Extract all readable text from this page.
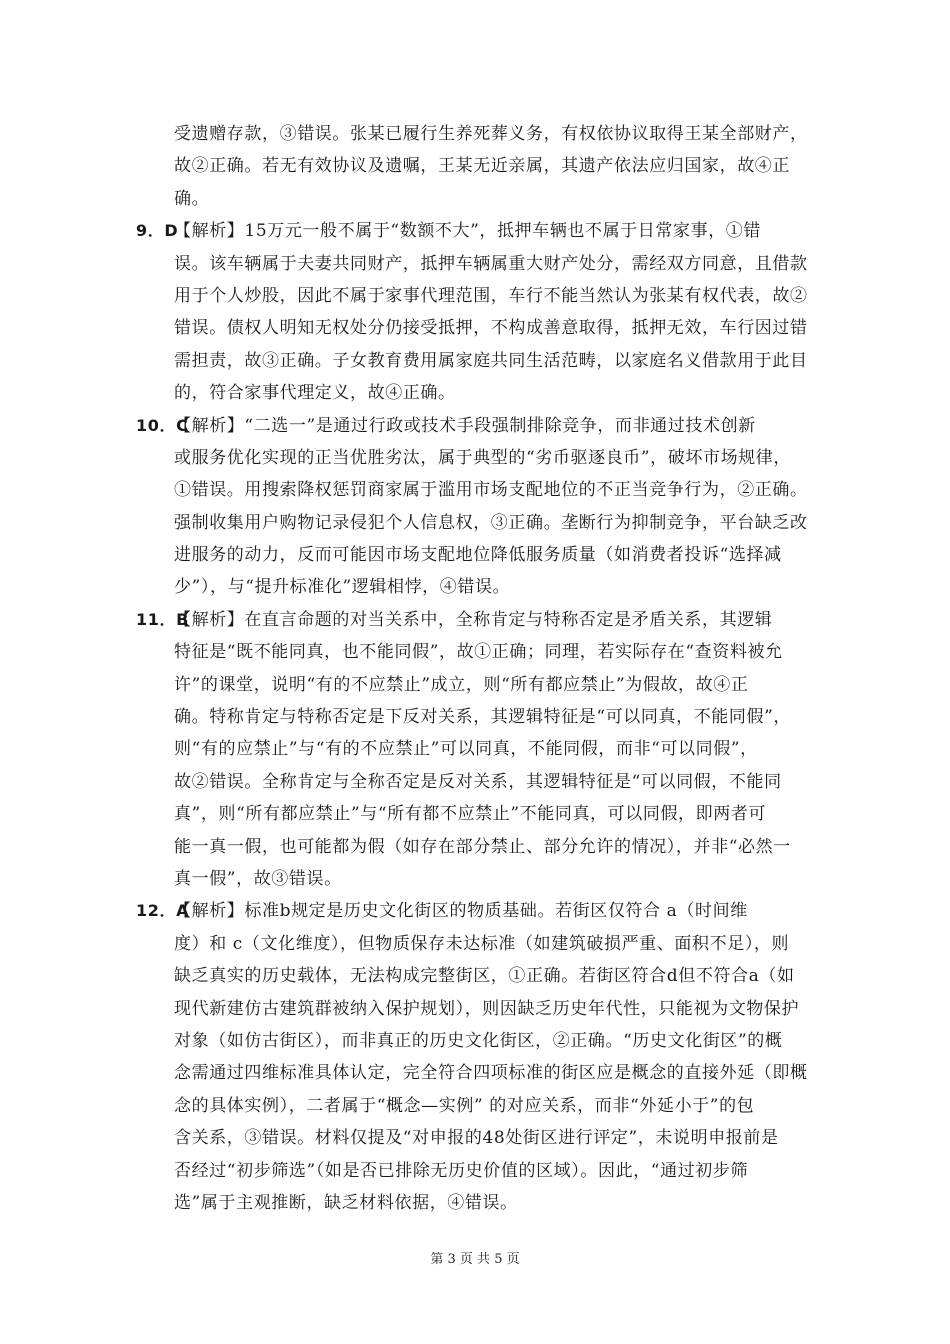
受遗赠存款，③错误。张某已履行生养死葬义务，有权依协议取得王某全部财产，
故②正确。若无有效协议及遗嘱，王某无近亲属，其遗产依法应归国家，故④正
确。
9．D【解析】15万元一般不属于“数额不大”，抵押车辆也不属于日常家事，①错
误。该车辆属于夫妻共同财产，抵押车辆属重大财产处分，需经双方同意，且借款
用于个人炒股，因此不属于家事代理范围，车行不能当然认为张某有权代表，故②
错误。债权人明知无权处分仍接受抵押，不构成善意取得，抵押无效，车行因过错
需担责，故③正确。子女教育费用属家庭共同生活范畴，以家庭名义借款用于此目
的，符合家事代理定义，故④正确。
10．C【解析】“二选一”是通过行政或技术手段强制排除竞争，而非通过技术创新
或服务优化实现的正当优胜劣汰，属于典型的“劣币驱逐良币”，破坏市场规律，
①错误。用搜索降权惩罚商家属于滥用市场支配地位的不正当竞争行为，②正确。
强制收集用户购物记录侵犯个人信息权，③正确。垄断行为抑制竞争，平台缺乏改
进服务的动力，反而可能因市场支配地位降低服务质量（如消费者投诉“选择减
少”），与“提升标准化”逻辑相悖，④错误。
11．B【解析】在直言命题的对当关系中，全称肯定与特称否定是矛盾关系，其逻辑
特征是“既不能同真，也不能同假”，故①正确；同理，若实际存在“查资料被允
许”的课堂，说明“有的不应禁止”成立，则“所有都应禁止”为假故，故④正
确。特称肯定与特称否定是下反对关系，其逻辑特征是“可以同真，不能同假”，
则“有的应禁止”与“有的不应禁止”可以同真，不能同假，而非“可以同假”，
故②错误。全称肯定与全称否定是反对关系，其逻辑特征是“可以同假，不能同
真”，则“所有都应禁止”与“所有都不应禁止”不能同真，可以同假，即两者可
能一真一假，也可能都为假（如存在部分禁止、部分允许的情况），并非“必然一
真一假”，故③错误。
12．A【解析】标准b规定是历史文化街区的物质基础。若街区仅符合 a（时间维
度）和 c（文化维度），但物质保存未达标准（如建筑破损严重、面积不足），则
缺乏真实的历史载体，无法构成完整街区，①正确。若街区符合d但不符合a（如
现代新建仿古建筑群被纳入保护规划），则因缺乏历史年代性，只能视为文物保护
对象（如仿古街区），而非真正的历史文化街区，②正确。“历史文化街区”的概
念需通过四维标准具体认定，完全符合四项标准的街区应是概念的直接外延（即概
念的具体实例），二者属于“概念—实例” 的对应关系，而非“外延小于”的包
含关系，③错误。材料仅提及“对申报的48处街区进行评定”，未说明申报前是
否经过“初步筛选”（如是否已排除无历史价值的区域）。因此，“通过初步筛
选”属于主观推断，缺乏材料依据，④错误。
第 3 页 共 5 页
